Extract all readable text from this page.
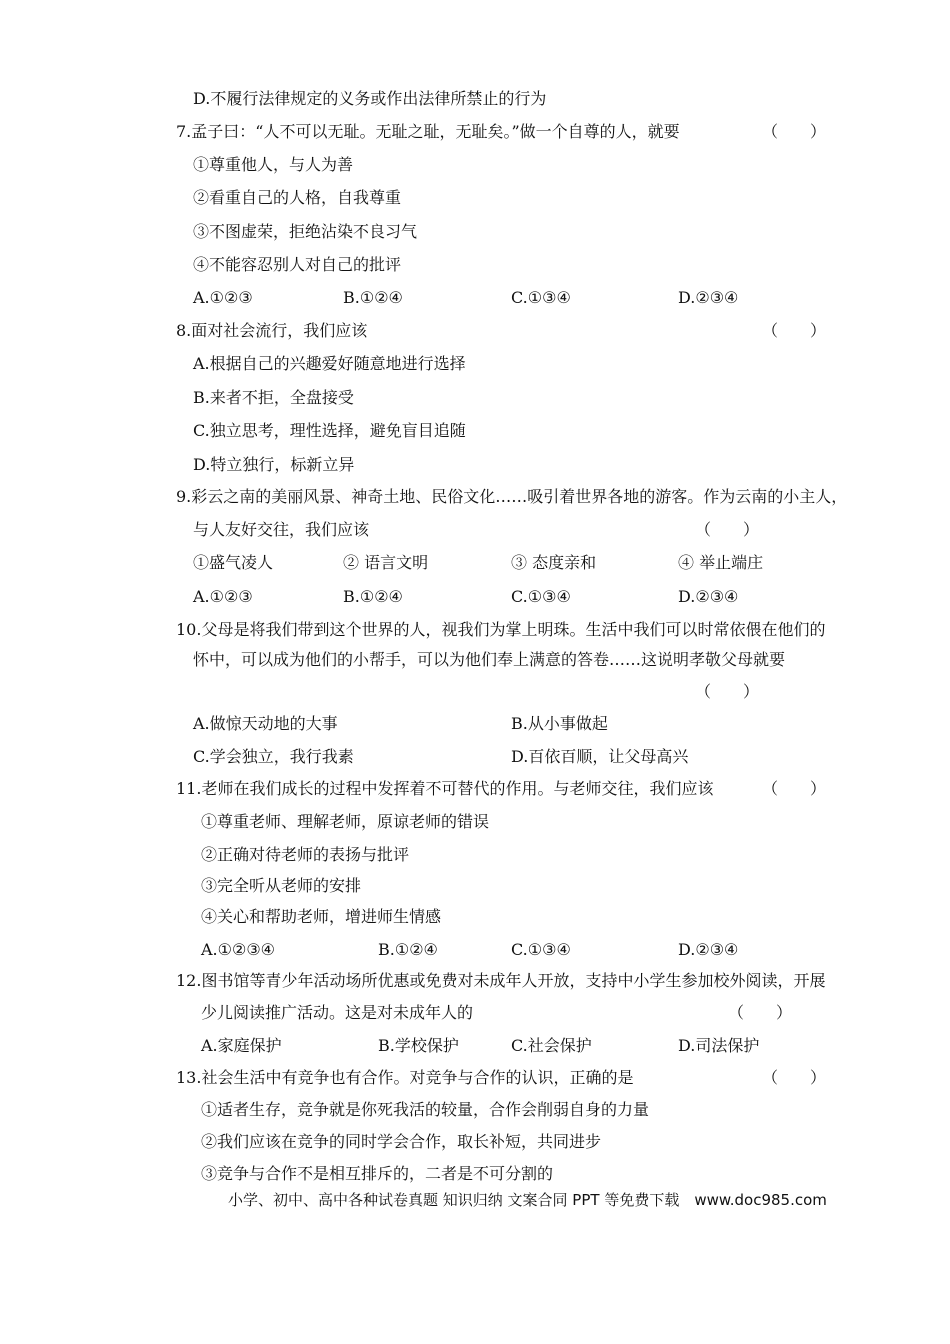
D.不履行法律规定的义务或作出法律所禁止的行为
7.孟子曰：“人不可以无耻。无耻之耻，无耻矣。”做一个自尊的人，就要	（　　）
①尊重他人，与人为善
②看重自己的人格，自我尊重
③不图虚荣，拒绝沾染不良习气
④不能容忍别人对自己的批评
A.①②③	B.①②④	C.①③④	D.②③④
8.面对社会流行，我们应该	（　　）
A.根据自己的兴趣爱好随意地进行选择
B.来者不拒，全盘接受
C.独立思考，理性选择，避免盲目追随
D.特立独行，标新立异
9.彩云之南的美丽风景、神奇土地、民俗文化……吸引着世界各地的游客。作为云南的小主人，
与人友好交往，我们应该	（　　）
①盛气凌人	② 语言文明	③ 态度亲和	④ 举止端庄
A.①②③	B.①②④	C.①③④	D.②③④
10.父母是将我们带到这个世界的人，视我们为掌上明珠。生活中我们可以时常依偎在他们的
怀中，可以成为他们的小帮手，可以为他们奉上满意的答卷……这说明孝敬父母就要
（　　）
A.做惊天动地的大事	B.从小事做起
C.学会独立，我行我素	D.百依百顺，让父母高兴
11.老师在我们成长的过程中发挥着不可替代的作用。与老师交往，我们应该	（　　）
①尊重老师、理解老师，原谅老师的错误
②正确对待老师的表扬与批评
③完全听从老师的安排
④关心和帮助老师，增进师生情感
A.①②③④	B.①②④	C.①③④	D.②③④
12.图书馆等青少年活动场所优惠或免费对未成年人开放，支持中小学生参加校外阅读，开展
少儿阅读推广活动。这是对未成年人的	（　　）
A.家庭保护	B.学校保护	C.社会保护	D.司法保护
13.社会生活中有竞争也有合作。对竞争与合作的认识，正确的是	（　　）
①适者生存，竞争就是你死我活的较量，合作会削弱自身的力量
②我们应该在竞争的同时学会合作，取长补短，共同进步
③竞争与合作不是相互排斥的，二者是不可分割的
小学、初中、高中各种试卷真题 知识归纳 文案合同 PPT 等免费下载　www.doc985.com
